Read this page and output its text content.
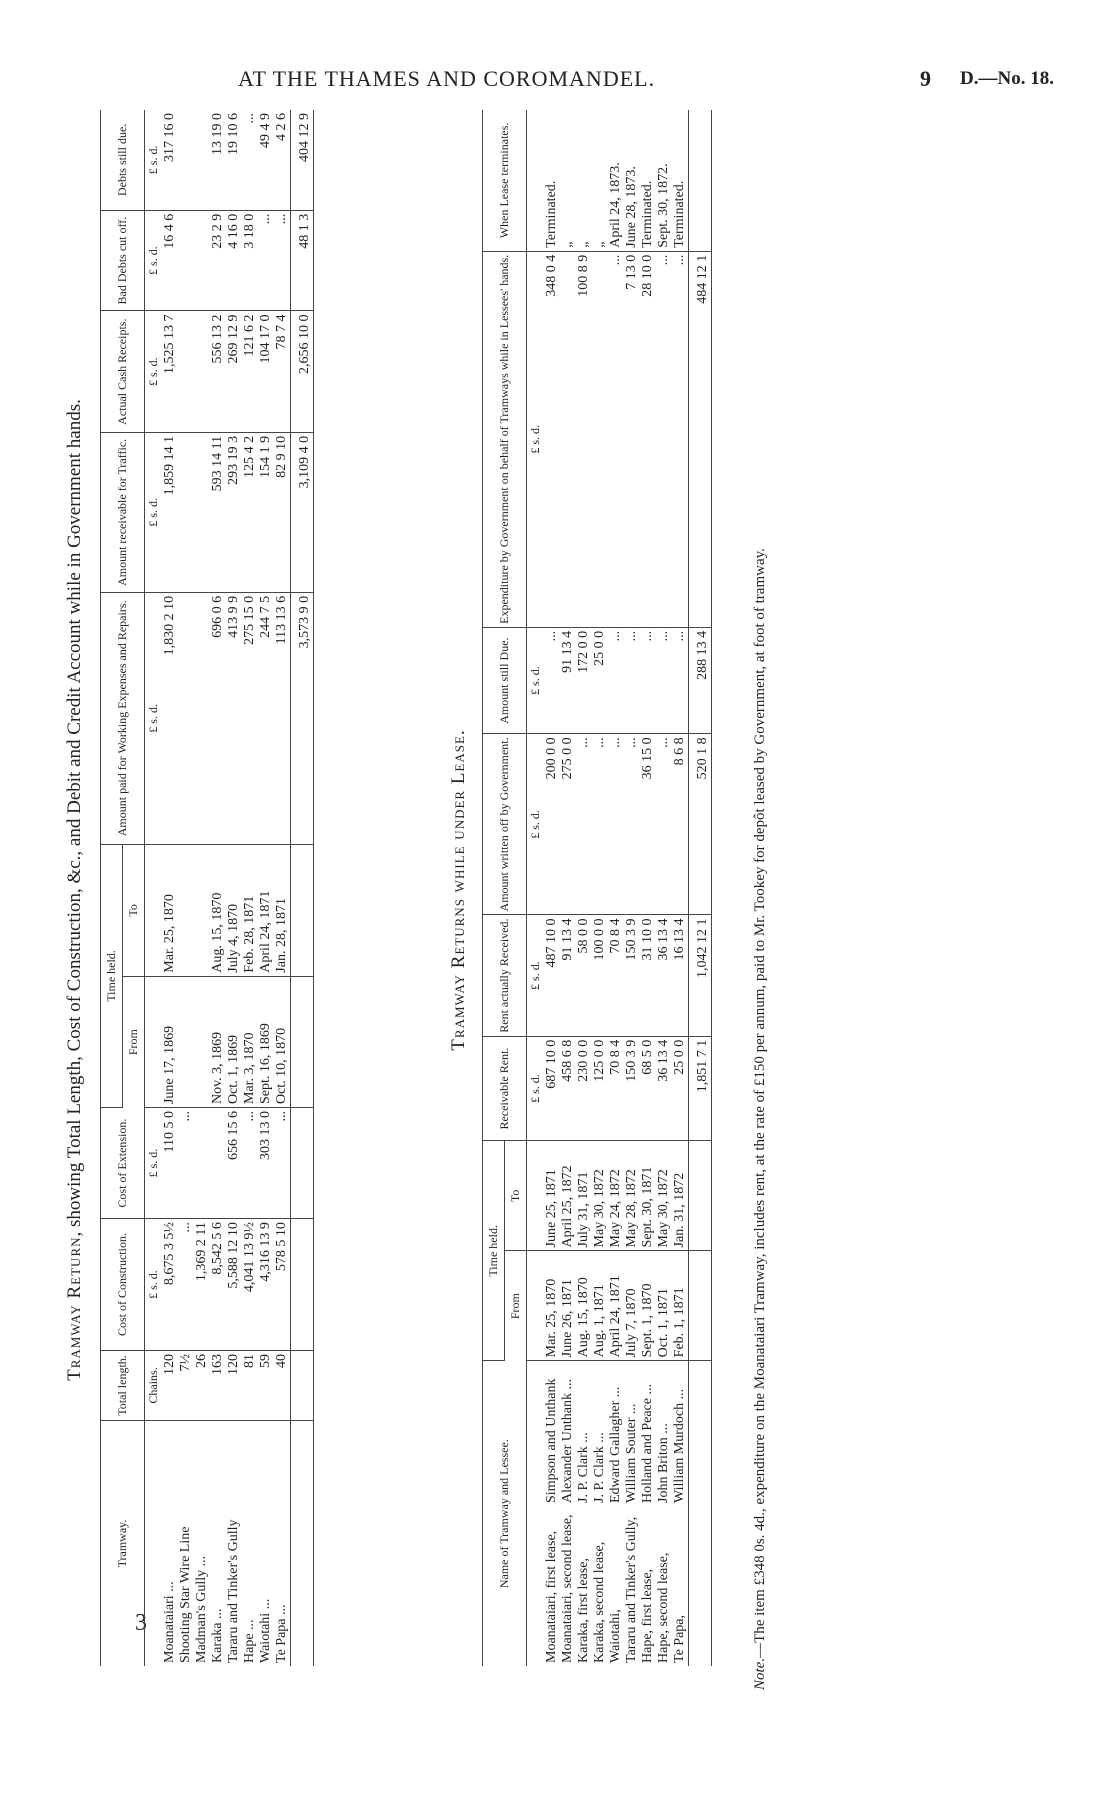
AT THE THAMES AND COROMANDEL.	9 D.—No. 18.
3
Tramway Return, showing Total Length, Cost of Construction, &c., and Debit and Credit Account while in Government hands.
Tramway.	Total length.	Cost of Construction.	Cost of Extension.	Time held.		Amount paid for Working Expenses and Repairs.	Amount receivable for Traffic.	Actual Cash Receipts.	Bad Debts cut off.	Debts still due.
				From	To					
	Chains.	£ s. d.	£ s. d.			£ s. d.	£ s. d.	£ s. d.	£ s. d.	£ s. d.
Moanataiari ...	120	8,675 3 5½	110 5 0	June 17, 1869	Mar. 25, 1870	1,830 2 10	1,859 14 1	1,525 13 7	16 4 6	317 16 0
Shooting Star Wire Line	7½	...	...							
Madman's Gully ...	26	1,369 2 11								
Karaka ...	163	8,542 5 6		Nov. 3, 1869	Aug. 15, 1870	696 0 6	593 14 11	556 13 2	23 2 9	13 19 0
Tararu and Tinker's Gully	120	5,588 12 10	656 15 6	Oct. 1, 1869	July 4, 1870	413 9 9	293 19 3	269 12 9	4 16 0	19 10 6
Hape ...	81	4,041 13 9½	...	Mar. 3, 1870	Feb. 28, 1871	275 15 0	125 4 2	121 6 2	3 18 0	...
Waiotahi ...	59	4,316 13 9	303 13 0	Sept. 16, 1869	April 24, 1871	244 7 5	154 1 9	104 17 0	...	49 4 9
Te Papa ...	40	578 5 10	...	Oct. 10, 1870	Jan. 28, 1871	113 13 6	82 9 10	78 7 4	...	4 2 6
						3,573 9 0	3,109 4 0	2,656 10 0	48 1 3	404 12 9
Tramway Returns while under Lease.
Name of Tramway and Lessee.	Time held.		Receivable Rent.	Rent actually Received.	Amount written off by Government.	Amount still Due.	Expenditure by Government on behalf of Tramways while in Lessees' hands.	When Lease terminates.
	From	To						
			£ s. d.	£ s. d.	£ s. d.	£ s. d.	£ s. d.	
Moanataiari, first lease,Simpson and Unthank	Mar. 25, 1870	June 25, 1871	687 10 0	487 10 0	200 0 0	...	348 0 4	Terminated.
Moanataiari, second lease,Alexander Unthank ...	June 26, 1871	April 25, 1872	458 6 8	91 13 4	275 0 0	91 13 4		„
Karaka, first lease,J. P. Clark ...	Aug. 15, 1870	July 31, 1871	230 0 0	58 0 0	...	172 0 0	100 8 9	„
Karaka, second lease,J. P. Clark ...	Aug. 1, 1871	May 30, 1872	125 0 0	100 0 0	...	25 0 0		„
Waiotahi,Edward Gallagher ...	April 24, 1871	May 24, 1872	70 8 4	70 8 4	...	...	...	April 24, 1873.
Tararu and Tinker's Gully,William Souter ...	July 7, 1870	May 28, 1872	150 3 9	150 3 9	...	...	7 13 0	June 28, 1873.
Hape, first lease,Holland and Peace ...	Sept. 1, 1870	Sept. 30, 1871	68 5 0	31 10 0	36 15 0	...	28 10 0	Terminated.
Hape, second lease,John Briton ...	Oct. 1, 1871	May 30, 1872	36 13 4	36 13 4	...	...	...	Sept. 30, 1872.
Te Papa,William Murdoch ...	Feb. 1, 1871	Jan. 31, 1872	25 0 0	16 13 4	8 6 8	...	...	Terminated.
			1,851 7 1	1,042 12 1	520 1 8	288 13 4	484 12 1	
Note.—The item £348 0s. 4d., expenditure on the Moanataiari Tramway, includes rent, at the rate of £150 per annum, paid to Mr. Tookey for depôt leased by Government, at foot of tramway.
